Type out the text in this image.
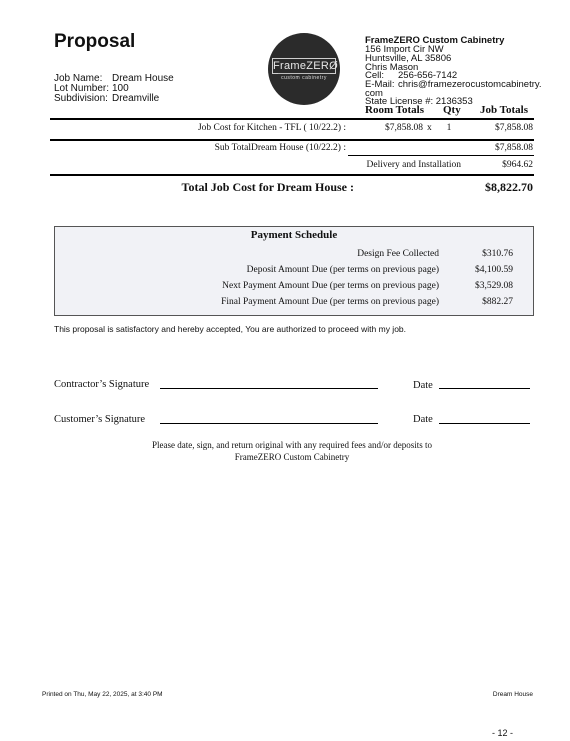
Proposal
Job Name: Dream House
Lot Number: 100
Subdivision: Dreamville
FrameZERØ
custom cabinetry
FrameZERO Custom Cabinetry
156 Import Cir NW
Huntsville, AL 35806
Chris Mason
Cell: 256-656-7142
E-Mail: chris@framezerocustomcabinetry.
com
State License #: 2136353
Room Totals Qty Job Totals
Job Cost for Kitchen - TFL ( 10/22.2) :	$7,858.08 x	1	$7,858.08
Sub TotalDream House (10/22.2) :	$7,858.08
Delivery and Installation	$964.62
Total Job Cost for Dream House :	$8,822.70
Payment Schedule
Design Fee Collected	$310.76
Deposit Amount Due (per terms on previous page)	$4,100.59
Next Payment Amount Due (per terms on previous page)	$3,529.08
Final Payment Amount Due (per terms on previous page)	$882.27
This proposal is satisfactory and hereby accepted, You are authorized to proceed with my job.
Contractor’s Signature	Date
Customer’s Signature	Date
Please date, sign, and return original with any required fees and/or deposits to
FrameZERO Custom Cabinetry
Printed on Thu, May 22, 2025, at 3:40 PM	Dream House
- 12 -
